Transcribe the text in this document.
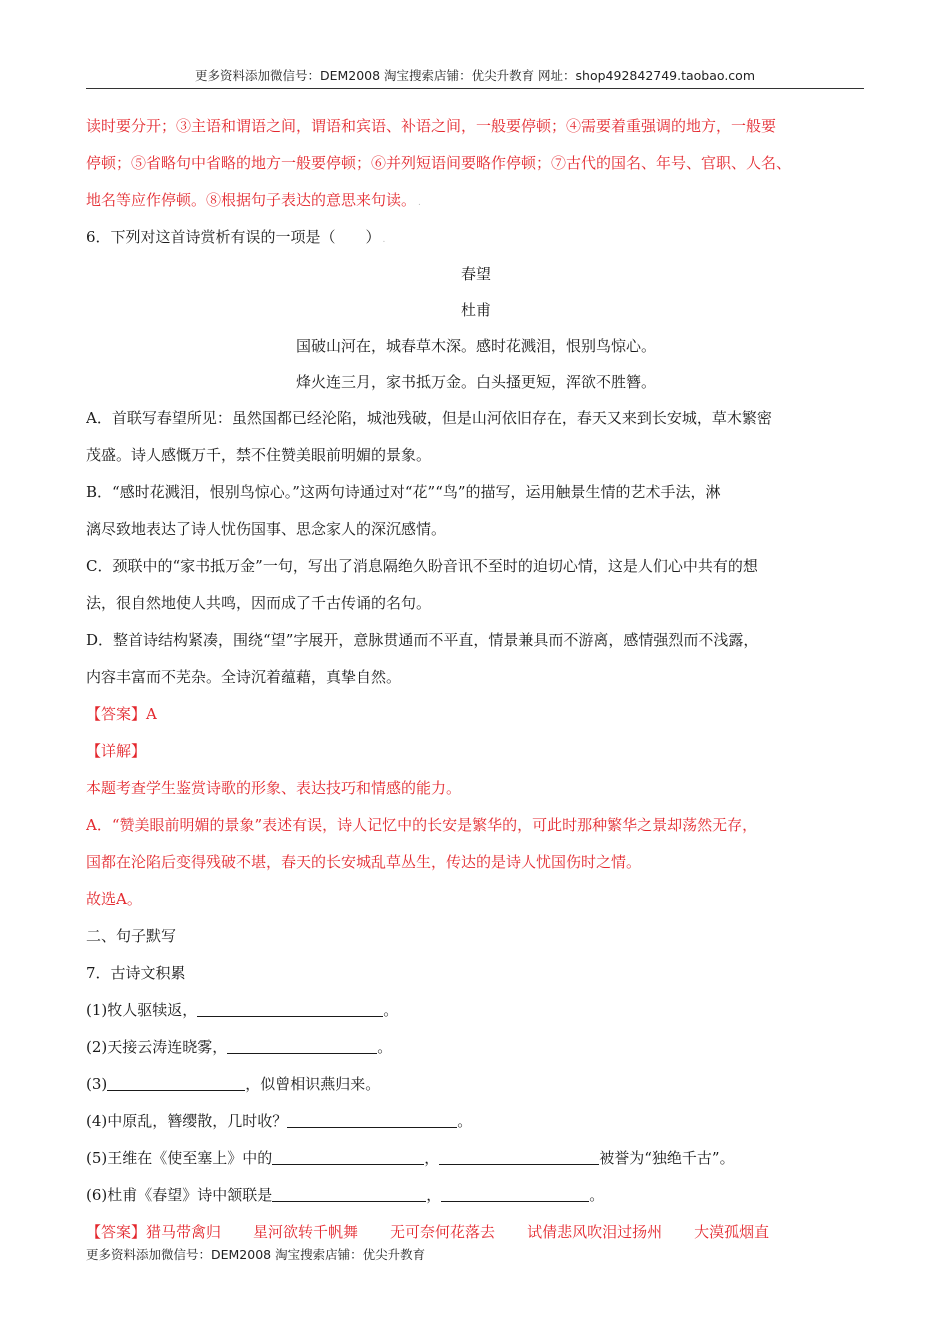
更多资料添加微信号：DEM2008 淘宝搜索店铺：优尖升教育 网址：shop492842749.taobao.com
读时要分开；③主语和谓语之间，谓语和宾语、补语之间，一般要停顿；④需要着重强调的地方，一般要
停顿；⑤省略句中省略的地方一般要停顿；⑥并列短语间要略作停顿；⑦古代的国名、年号、官职、人名、
地名等应作停顿。⑧根据句子表达的意思来句读。 .
6．下列对这首诗赏析有误的一项是（　　） .
春望
杜甫
国破山河在，城春草木深。感时花溅泪，恨别鸟惊心。
烽火连三月，家书抵万金。白头搔更短，浑欲不胜簪。
A．首联写春望所见：虽然国都已经沦陷，城池残破，但是山河依旧存在，春天又来到长安城，草木繁密
茂盛。诗人感慨万千，禁不住赞美眼前明媚的景象。
B．“感时花溅泪，恨别鸟惊心。”这两句诗通过对“花”“鸟”的描写，运用触景生情的艺术手法，淋
漓尽致地表达了诗人忧伤国事、思念家人的深沉感情。
C．颈联中的“家书抵万金”一句，写出了消息隔绝久盼音讯不至时的迫切心情，这是人们心中共有的想
法，很自然地使人共鸣，因而成了千古传诵的名句。
D．整首诗结构紧凑，围绕“望”字展开，意脉贯通而不平直，情景兼具而不游离，感情强烈而不浅露，
内容丰富而不芜杂。全诗沉着蕴藉，真挚自然。
【答案】A
【详解】
本题考查学生鉴赏诗歌的形象、表达技巧和情感的能力。
A．“赞美眼前明媚的景象”表述有误，诗人记忆中的长安是繁华的，可此时那种繁华之景却荡然无存，
国都在沦陷后变得残破不堪，春天的长安城乱草丛生，传达的是诗人忧国伤时之情。
故选A。
二、句子默写
7．古诗文积累
(1)牧人驱犊返，	。
(2)天接云涛连晓雾，	。
(3)	，似曾相识燕归来。
(4)中原乱，簪缨散，几时收？	。
(5)王维在《使至塞上》中的	，	被誉为“独绝千古”。
(6)杜甫《春望》诗中颔联是	，	。
【答案】 猎马带禽归 星河欲转千帆舞 无可奈何花落去 试倩悲风吹泪过扬州 大漠孤烟直
更多资料添加微信号：DEM2008 淘宝搜索店铺：优尖升教育
